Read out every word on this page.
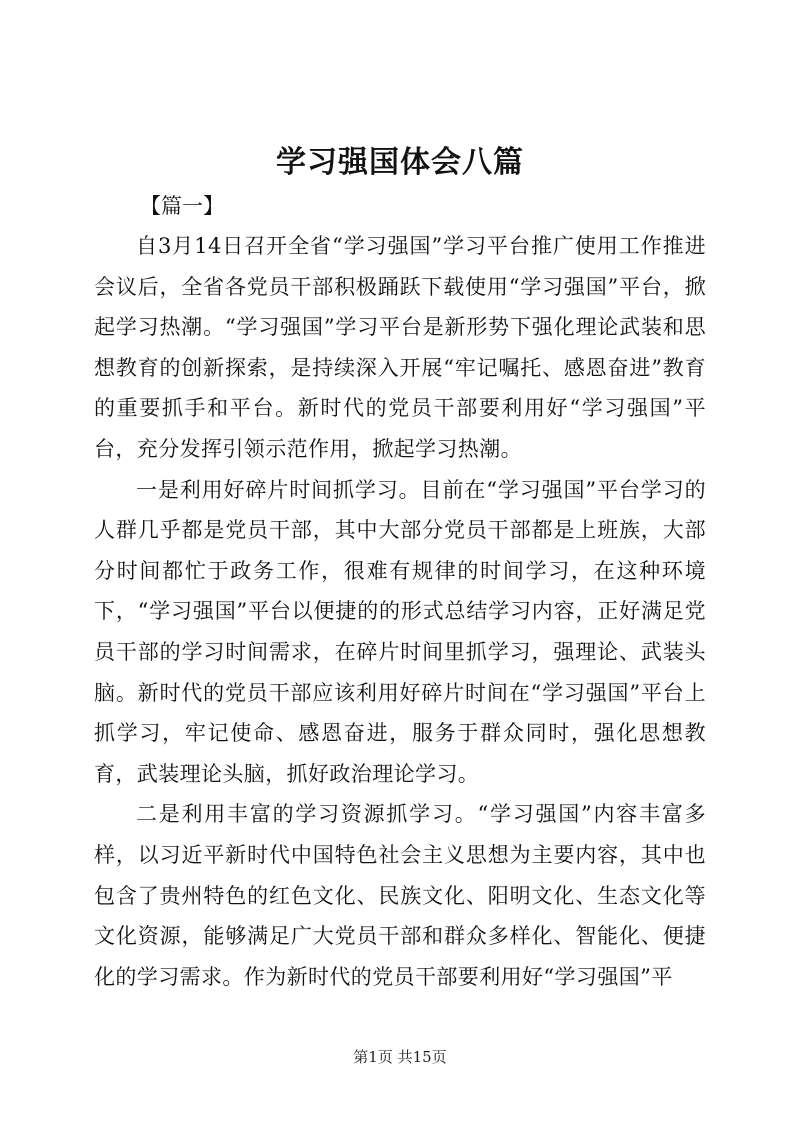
学习强国体会八篇

【篇一】

自3月14日召开全省“学习强国”学习平台推广使用工作推进会议后，全省各党员干部积极踊跃下载使用“学习强国”平台，掀起学习热潮。“学习强国”学习平台是新形势下强化理论武装和思想教育的创新探索，是持续深入开展“牢记嘱托、感恩奋进”教育的重要抓手和平台。新时代的党员干部要利用好“学习强国”平台，充分发挥引领示范作用，掀起学习热潮。

一是利用好碎片时间抓学习。目前在“学习强国”平台学习的人群几乎都是党员干部，其中大部分党员干部都是上班族，大部分时间都忙于政务工作，很难有规律的时间学习，在这种环境下，“学习强国”平台以便捷的的形式总结学习内容，正好满足党员干部的学习时间需求，在碎片时间里抓学习，强理论、武装头脑。新时代的党员干部应该利用好碎片时间在“学习强国”平台上抓学习，牢记使命、感恩奋进，服务于群众同时，强化思想教育，武装理论头脑，抓好政治理论学习。

二是利用丰富的学习资源抓学习。“学习强国”内容丰富多样，以习近平新时代中国特色社会主义思想为主要内容，其中也包含了贵州特色的红色文化、民族文化、阳明文化、生态文化等文化资源，能够满足广大党员干部和群众多样化、智能化、便捷化的学习需求。作为新时代的党员干部要利用好“学习强国”平

第1页 共15页
